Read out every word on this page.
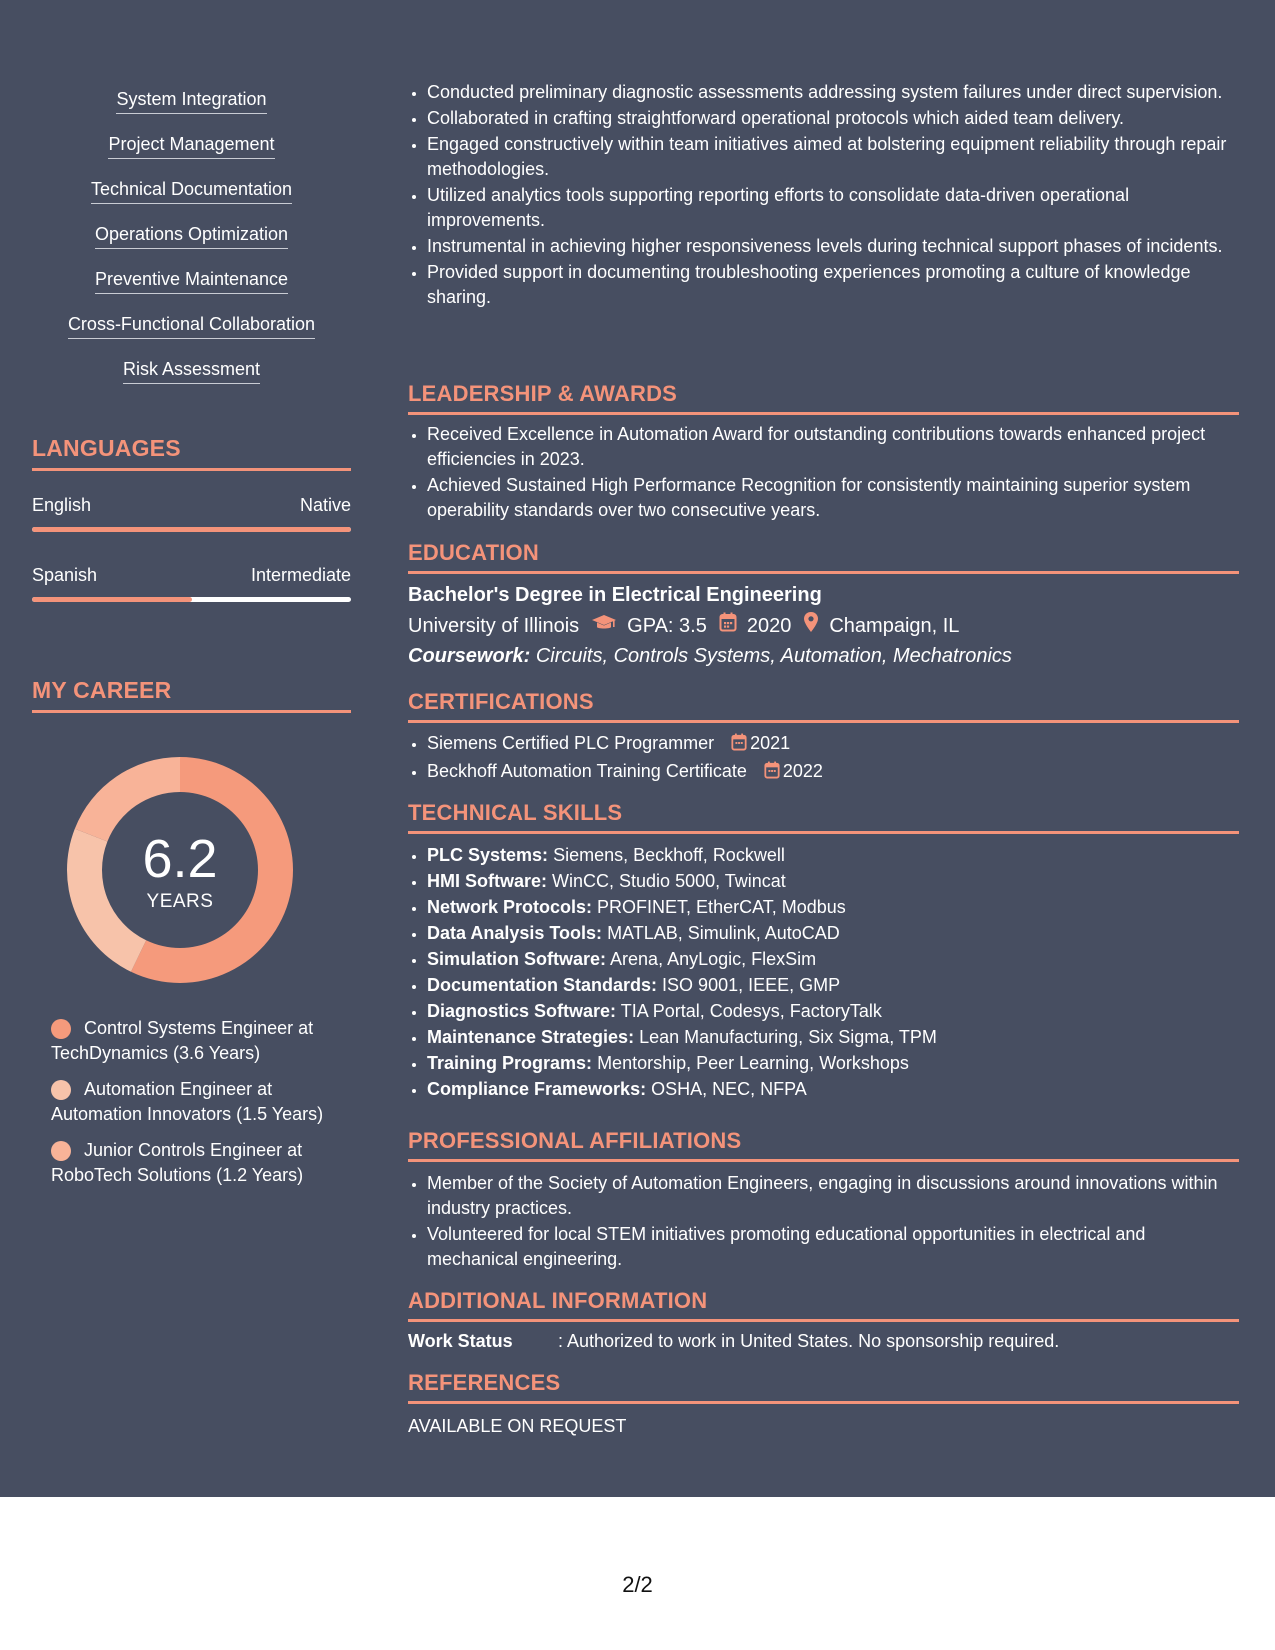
System Integration
Project Management
Technical Documentation
Operations Optimization
Preventive Maintenance
Cross-Functional Collaboration
Risk Assessment
LANGUAGES
English	Native
Spanish	Intermediate
MY CAREER
6.2
YEARS
Control Systems Engineer at TechDynamics (3.6 Years)
Automation Engineer at Automation Innovators (1.5 Years)
Junior Controls Engineer at RoboTech Solutions (1.2 Years)
• Conducted preliminary diagnostic assessments addressing system failures under direct supervision.
• Collaborated in crafting straightforward operational protocols which aided team delivery.
• Engaged constructively within team initiatives aimed at bolstering equipment reliability through repair methodologies.
• Utilized analytics tools supporting reporting efforts to consolidate data-driven operational improvements.
• Instrumental in achieving higher responsiveness levels during technical support phases of incidents.
• Provided support in documenting troubleshooting experiences promoting a culture of knowledge sharing.
LEADERSHIP & AWARDS
• Received Excellence in Automation Award for outstanding contributions towards enhanced project efficiencies in 2023.
• Achieved Sustained High Performance Recognition for consistently maintaining superior system operability standards over two consecutive years.
EDUCATION
Bachelor's Degree in Electrical Engineering
University of Illinois GPA: 3.5 2020 Champaign, IL
Coursework: Circuits, Controls Systems, Automation, Mechatronics
CERTIFICATIONS
• Siemens Certified PLC Programmer 2021
• Beckhoff Automation Training Certificate 2022
TECHNICAL SKILLS
• PLC Systems: Siemens, Beckhoff, Rockwell
• HMI Software: WinCC, Studio 5000, Twincat
• Network Protocols: PROFINET, EtherCAT, Modbus
• Data Analysis Tools: MATLAB, Simulink, AutoCAD
• Simulation Software: Arena, AnyLogic, FlexSim
• Documentation Standards: ISO 9001, IEEE, GMP
• Diagnostics Software: TIA Portal, Codesys, FactoryTalk
• Maintenance Strategies: Lean Manufacturing, Six Sigma, TPM
• Training Programs: Mentorship, Peer Learning, Workshops
• Compliance Frameworks: OSHA, NEC, NFPA
PROFESSIONAL AFFILIATIONS
• Member of the Society of Automation Engineers, engaging in discussions around innovations within industry practices.
• Volunteered for local STEM initiatives promoting educational opportunities in electrical and mechanical engineering.
ADDITIONAL INFORMATION
Work Status	: Authorized to work in United States. No sponsorship required.
REFERENCES
AVAILABLE ON REQUEST
2/2
